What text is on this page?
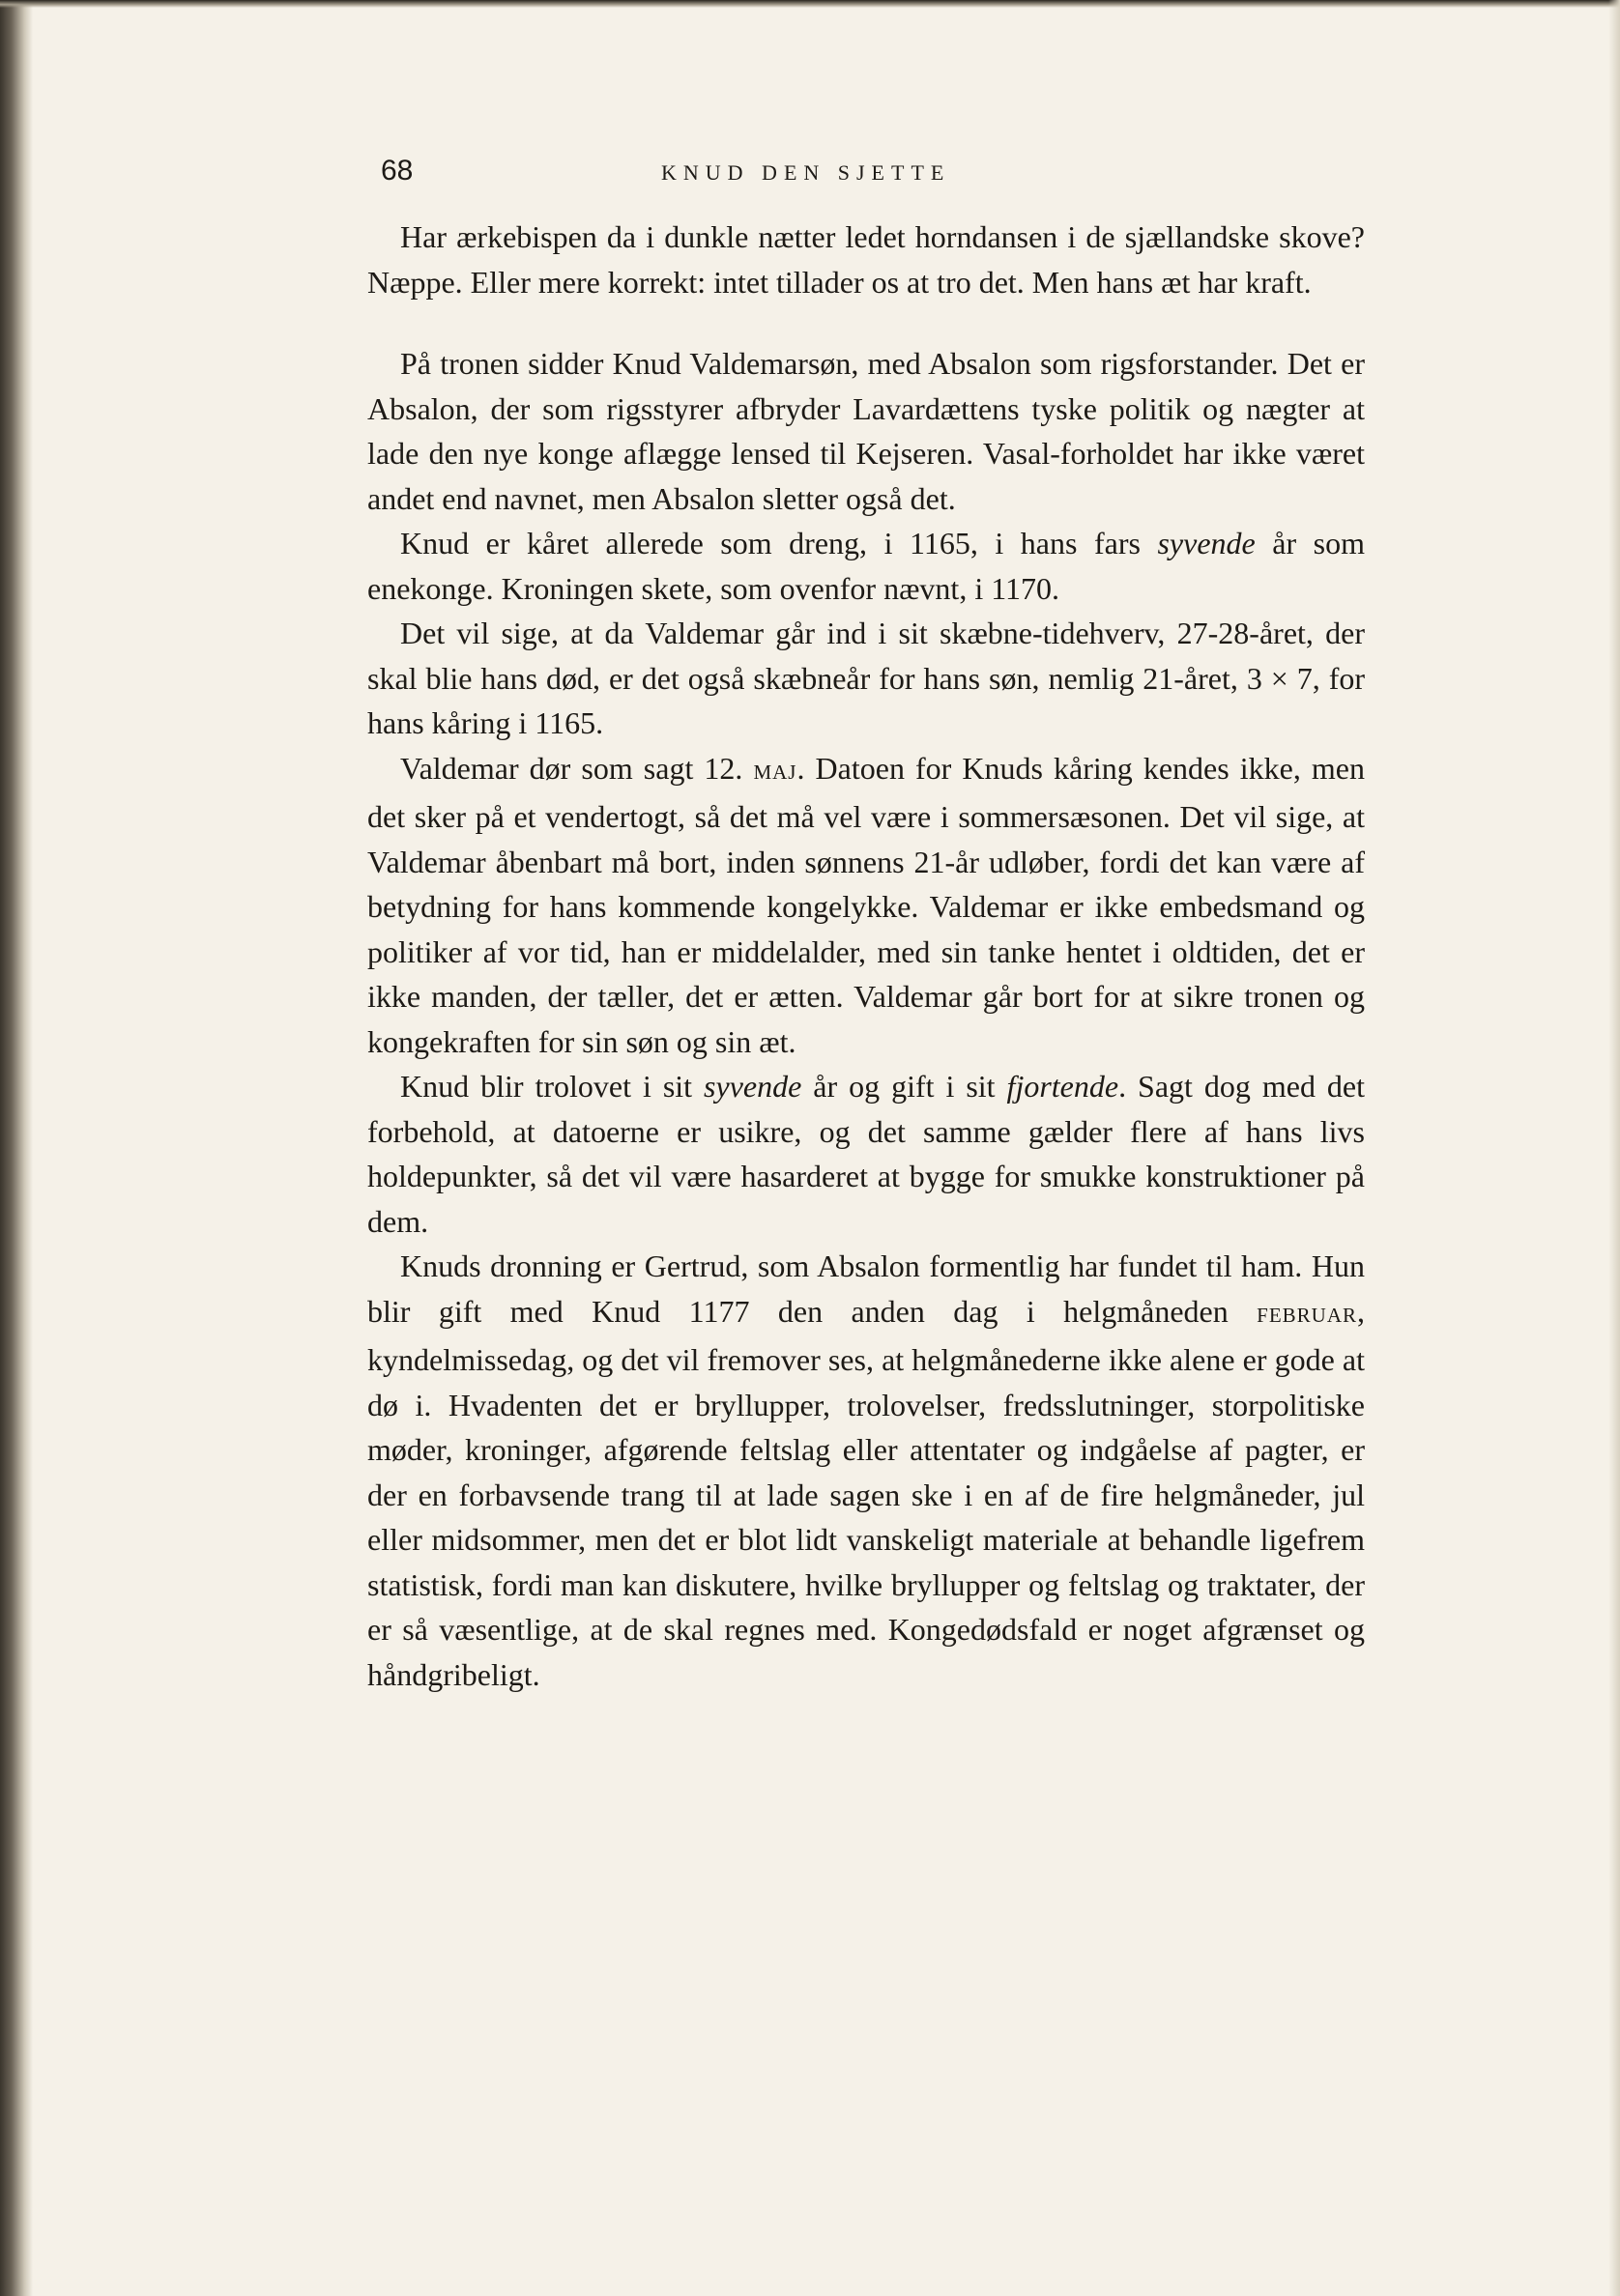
68	KNUD DEN SJETTE

Har ærkebispen da i dunkle nætter ledet horndansen i de sjællandske skove? Næppe. Eller mere korrekt: intet tillader os at tro det. Men hans æt har kraft.

På tronen sidder Knud Valdemarsøn, med Absalon som rigsforstander. Det er Absalon, der som rigsstyrer afbryder Lavardættens tyske politik og nægter at lade den nye konge aflægge lensed til Kejseren. Vasal-forholdet har ikke været andet end navnet, men Absalon sletter også det.

Knud er kåret allerede som dreng, i 1165, i hans fars syvende år som enekonge. Kroningen skete, som ovenfor nævnt, i 1170.

Det vil sige, at da Valdemar går ind i sit skæbne-tidehverv, 27-28-året, der skal blie hans død, er det også skæbneår for hans søn, nemlig 21-året, 3 × 7, for hans kåring i 1165.

Valdemar dør som sagt 12. MAJ. Datoen for Knuds kåring kendes ikke, men det sker på et vendertogt, så det må vel være i sommersæsonen. Det vil sige, at Valdemar åbenbart må bort, inden sønnens 21-år udløber, fordi det kan være af betydning for hans kommende kongelykke. Valdemar er ikke embedsmand og politiker af vor tid, han er middelalder, med sin tanke hentet i oldtiden, det er ikke manden, der tæller, det er ætten. Valdemar går bort for at sikre tronen og kongekraften for sin søn og sin æt.

Knud blir trolovet i sit syvende år og gift i sit fjortende. Sagt dog med det forbehold, at datoerne er usikre, og det samme gælder flere af hans livs holdepunkter, så det vil være hasarderet at bygge for smukke konstruktioner på dem.

Knuds dronning er Gertrud, som Absalon formentlig har fundet til ham. Hun blir gift med Knud 1177 den anden dag i helgmåneden FEBRUAR, kyndelmissedag, og det vil fremover ses, at helgmånederne ikke alene er gode at dø i. Hvadenten det er bryllupper, trolovelser, fredsslutninger, storpolitiske møder, kroninger, afgørende feltslag eller attentater og indgåelse af pagter, er der en forbavsende trang til at lade sagen ske i en af de fire helgmåneder, jul eller midsommer, men det er blot lidt vanskeligt materiale at behandle ligefrem statistisk, fordi man kan diskutere, hvilke bryllupper og feltslag og traktater, der er så væsentlige, at de skal regnes med. Kongedødsfald er noget afgrænset og håndgribeligt.
